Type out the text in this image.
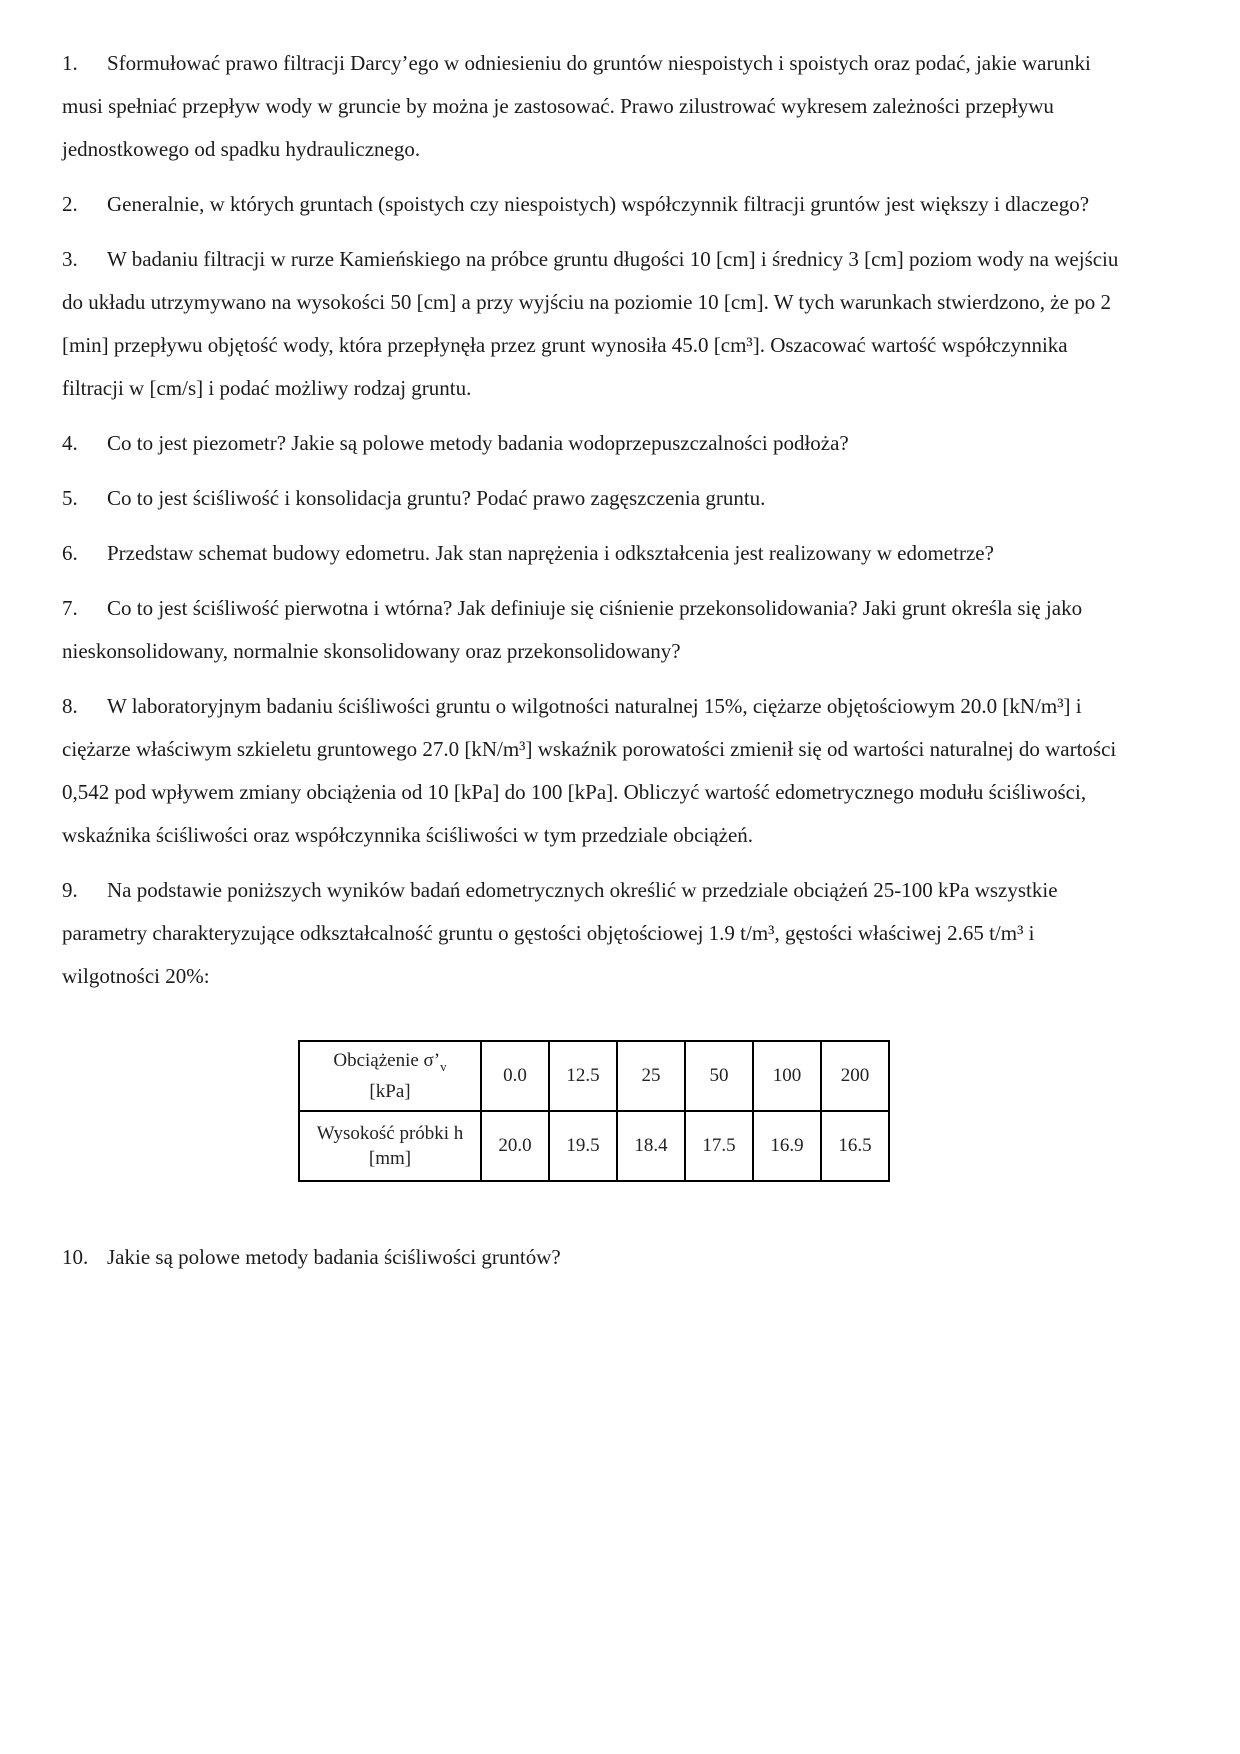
1. Sformułować prawo filtracji Darcy’ego w odniesieniu do gruntów niespoistych i spoistych oraz podać, jakie warunki musi spełniać przepływ wody w gruncie by można je zastosować. Prawo zilustrować wykresem zależności przepływu jednostkowego od spadku hydraulicznego.

2. Generalnie, w których gruntach (spoistych czy niespoistych) współczynnik filtracji gruntów jest większy i dlaczego?

3. W badaniu filtracji w rurze Kamieńskiego na próbce gruntu długości 10 [cm] i średnicy 3 [cm] poziom wody na wejściu do układu utrzymywano na wysokości 50 [cm] a przy wyjściu na poziomie 10 [cm]. W tych warunkach stwierdzono, że po 2 [min] przepływu objętość wody, która przepłynęła przez grunt wynosiła 45.0 [cm³]. Oszacować wartość współczynnika filtracji w [cm/s] i podać możliwy rodzaj gruntu.

4. Co to jest piezometr? Jakie są polowe metody badania wodoprzepuszczalności podłoża?

5. Co to jest ściśliwość i konsolidacja gruntu? Podać prawo zagęszczenia gruntu.

6. Przedstaw schemat budowy edometru. Jak stan naprężenia i odkształcenia jest realizowany w edometrze?

7. Co to jest ściśliwość pierwotna i wtórna? Jak definiuje się ciśnienie przekonsolidowania? Jaki grunt określa się jako nieskonsolidowany, normalnie skonsolidowany oraz przekonsolidowany?

8. W laboratoryjnym badaniu ściśliwości gruntu o wilgotności naturalnej 15%, ciężarze objętościowym 20.0 [kN/m³] i ciężarze właściwym szkieletu gruntowego 27.0 [kN/m³] wskaźnik porowatości zmienił się od wartości naturalnej do wartości 0,542 pod wpływem zmiany obciążenia od 10 [kPa] do 100 [kPa]. Obliczyć wartość edometrycznego modułu ściśliwości, wskaźnika ściśliwości oraz współczynnika ściśliwości w tym przedziale obciążeń.

9. Na podstawie poniższych wyników badań edometrycznych określić w przedziale obciążeń 25-100 kPa wszystkie parametry charakteryzujące odkształcalność gruntu o gęstości objętościowej 1.9 t/m³, gęstości właściwej 2.65 t/m³ i wilgotności 20%:

Obciążenie $\sigma’_v$
[kPa]	0.0	12.5	25	50	100	200

Wysokość próbki h
[mm]	20.0	19.5	18.4	17.5	16.9	16.5

10. Jakie są polowe metody badania ściśliwości gruntów?
